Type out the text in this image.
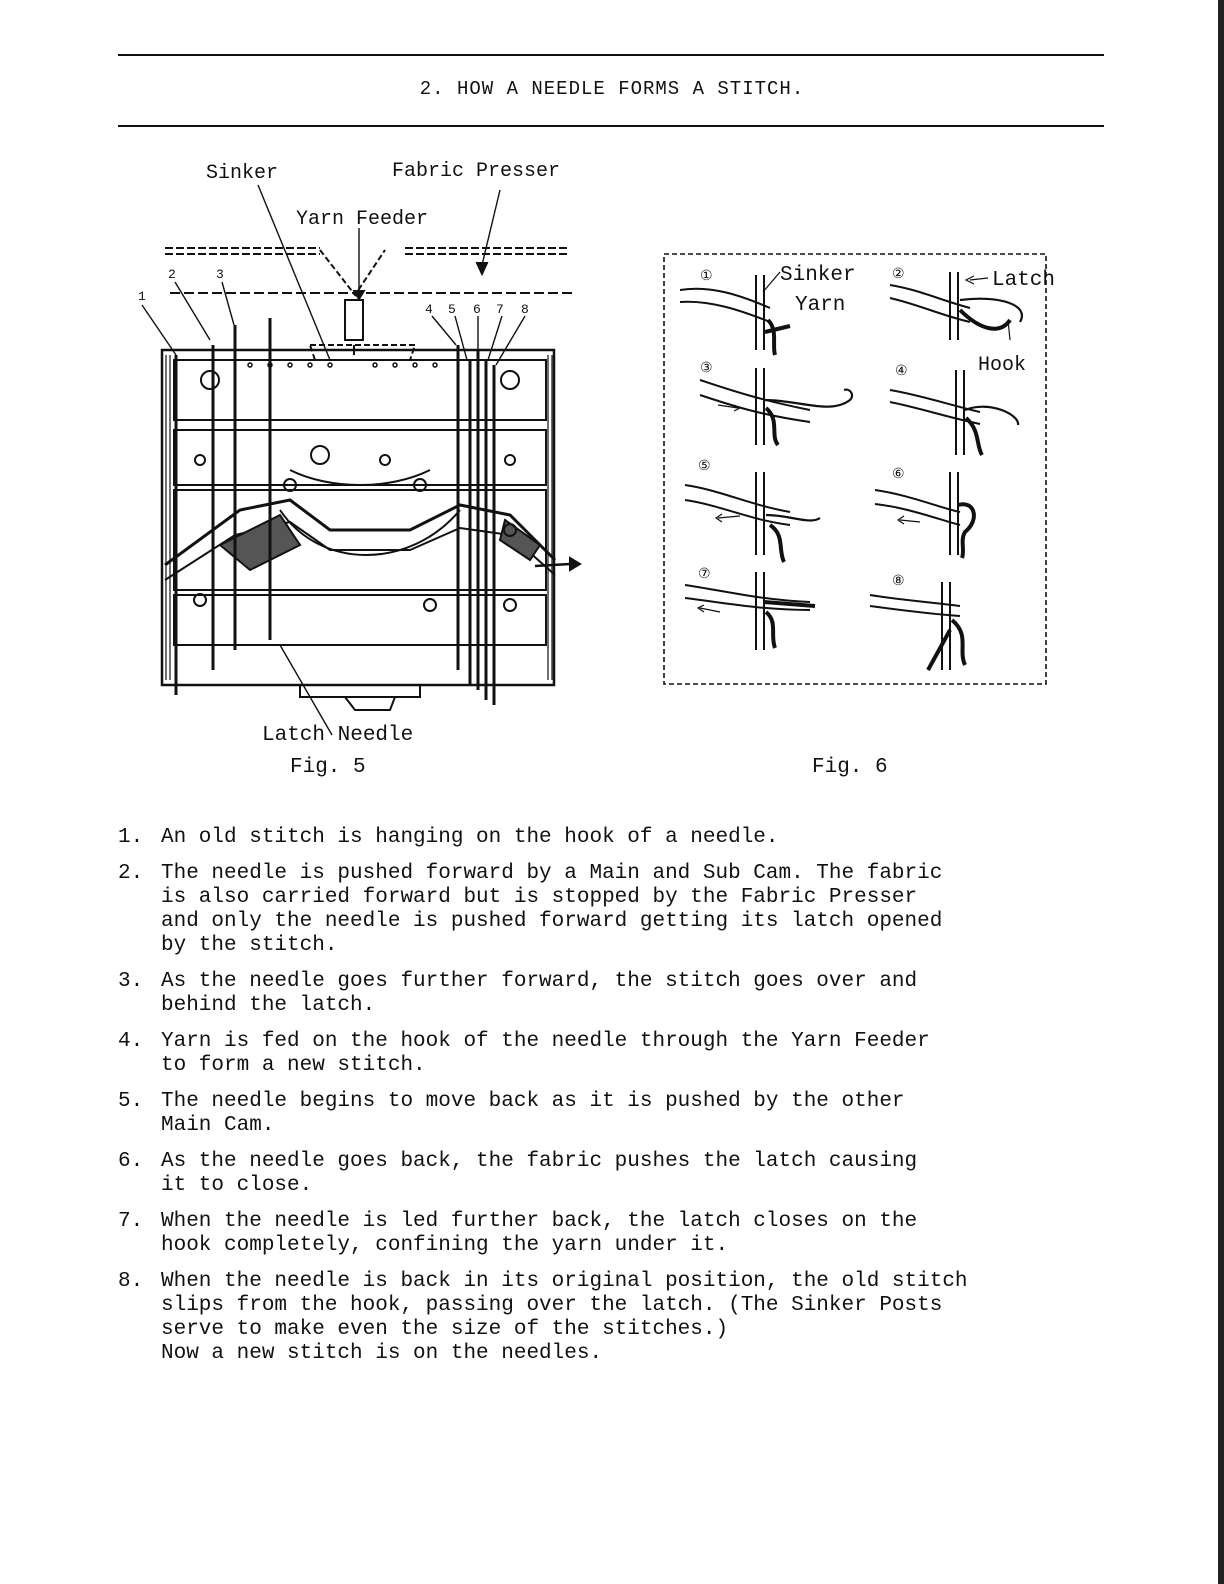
2. HOW A NEEDLE FORMS A STITCH.
Sinker	Fabric Presser
Yarn Feeder
1
2	3
4 5 6 7 8
Latch Needle
Fig. 5
①	②
③	④
⑤	⑥
⑦	⑧
Sinker
Yarn
Latch
Hook
Fig. 6
1. An old stitch is hanging on the hook of a needle.
2. The needle is pushed forward by a Main and Sub Cam. The fabric
is also carried forward but is stopped by the Fabric Presser
and only the needle is pushed forward getting its latch opened
by the stitch.
3. As the needle goes further forward, the stitch goes over and
behind the latch.
4. Yarn is fed on the hook of the needle through the Yarn Feeder
to form a new stitch.
5. The needle begins to move back as it is pushed by the other
Main Cam.
6. As the needle goes back, the fabric pushes the latch causing
it to close.
7. When the needle is led further back, the latch closes on the
hook completely, confining the yarn under it.
8. When the needle is back in its original position, the old stitch
slips from the hook, passing over the latch. (The Sinker Posts
serve to make even the size of the stitches.)
Now a new stitch is on the needles.
